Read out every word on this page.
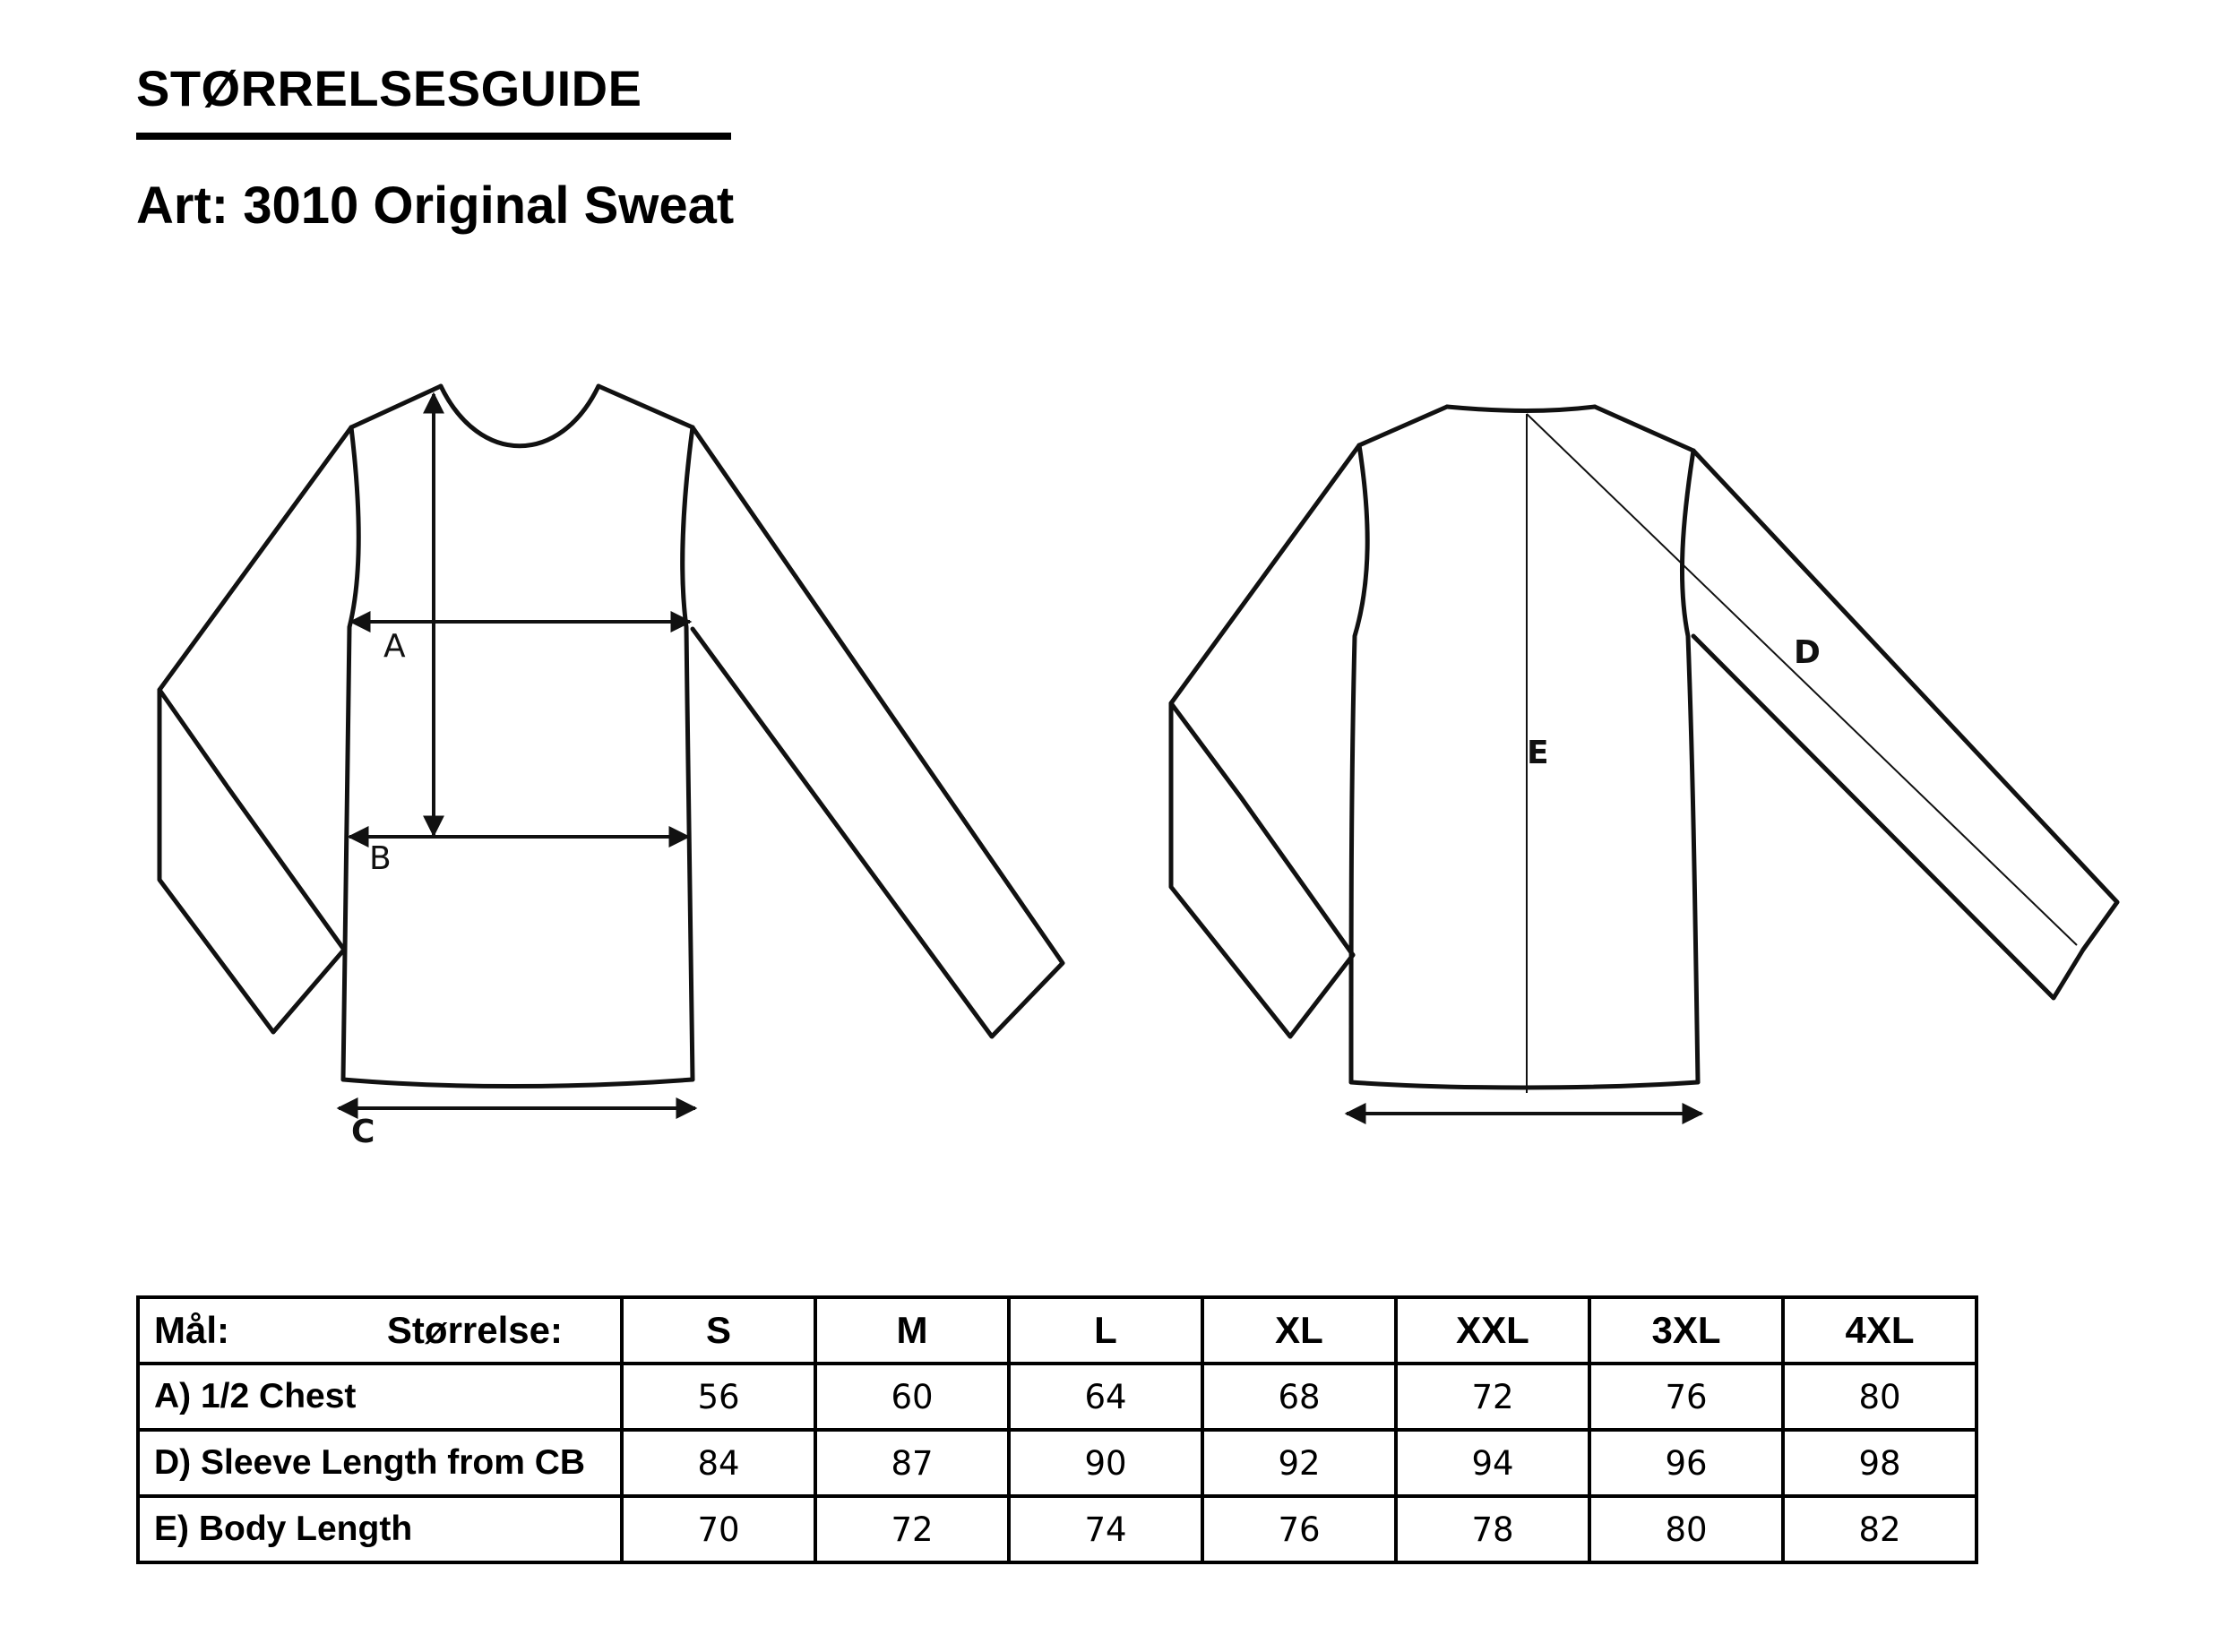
STØRRELSESGUIDE
Art: 3010 Original Sweat
A
B
C
D
E
Mål: Størrelse:	S	M	L	XL	XXL	3XL	4XL
A) 1/2 Chest	56	60	64	68	72	76	80
D) Sleeve Length from CB	84	87	90	92	94	96	98
E) Body Length	70	72	74	76	78	80	82
